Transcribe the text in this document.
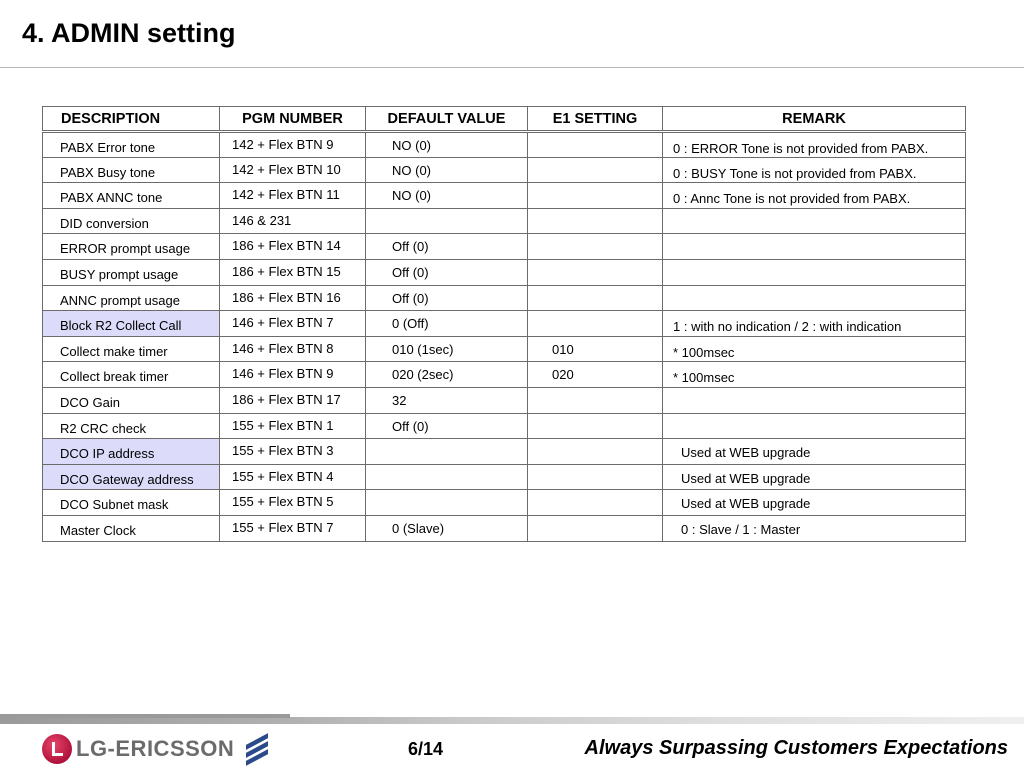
4. ADMIN setting
DESCRIPTION	PGM NUMBER	DEFAULT VALUE	E1 SETTING	REMARK
PABX Error tone	142 + Flex BTN 9	NO (0)		0 : ERROR Tone is not provided from PABX.
PABX Busy tone	142 + Flex BTN 10	NO (0)		0 : BUSY Tone is not provided from PABX.
PABX ANNC tone	142 + Flex BTN 11	NO (0)		0 : Annc Tone is not provided from PABX.
DID conversion	146 & 231			
ERROR prompt usage	186 + Flex BTN 14	Off (0)		
BUSY prompt usage	186 + Flex BTN 15	Off (0)		
ANNC prompt usage	186 + Flex BTN 16	Off (0)		
Block R2 Collect Call	146 + Flex BTN 7	0 (Off)		1 : with no indication / 2 : with indication
Collect make timer	146 + Flex BTN 8	010 (1sec)	010	* 100msec
Collect break timer	146 + Flex BTN 9	020 (2sec)	020	* 100msec
DCO Gain	186 + Flex BTN 17	32		
R2 CRC check	155 + Flex BTN 1	Off (0)		
DCO IP address	155 + Flex BTN 3			Used at WEB upgrade
DCO Gateway address	155 + Flex BTN 4			Used at WEB upgrade
DCO Subnet mask	155 + Flex BTN 5			Used at WEB upgrade
Master Clock	155 + Flex BTN 7	0 (Slave)		0 : Slave / 1 : Master
LG-ERICSSON	6/14	Always Surpassing Customers Expectations
